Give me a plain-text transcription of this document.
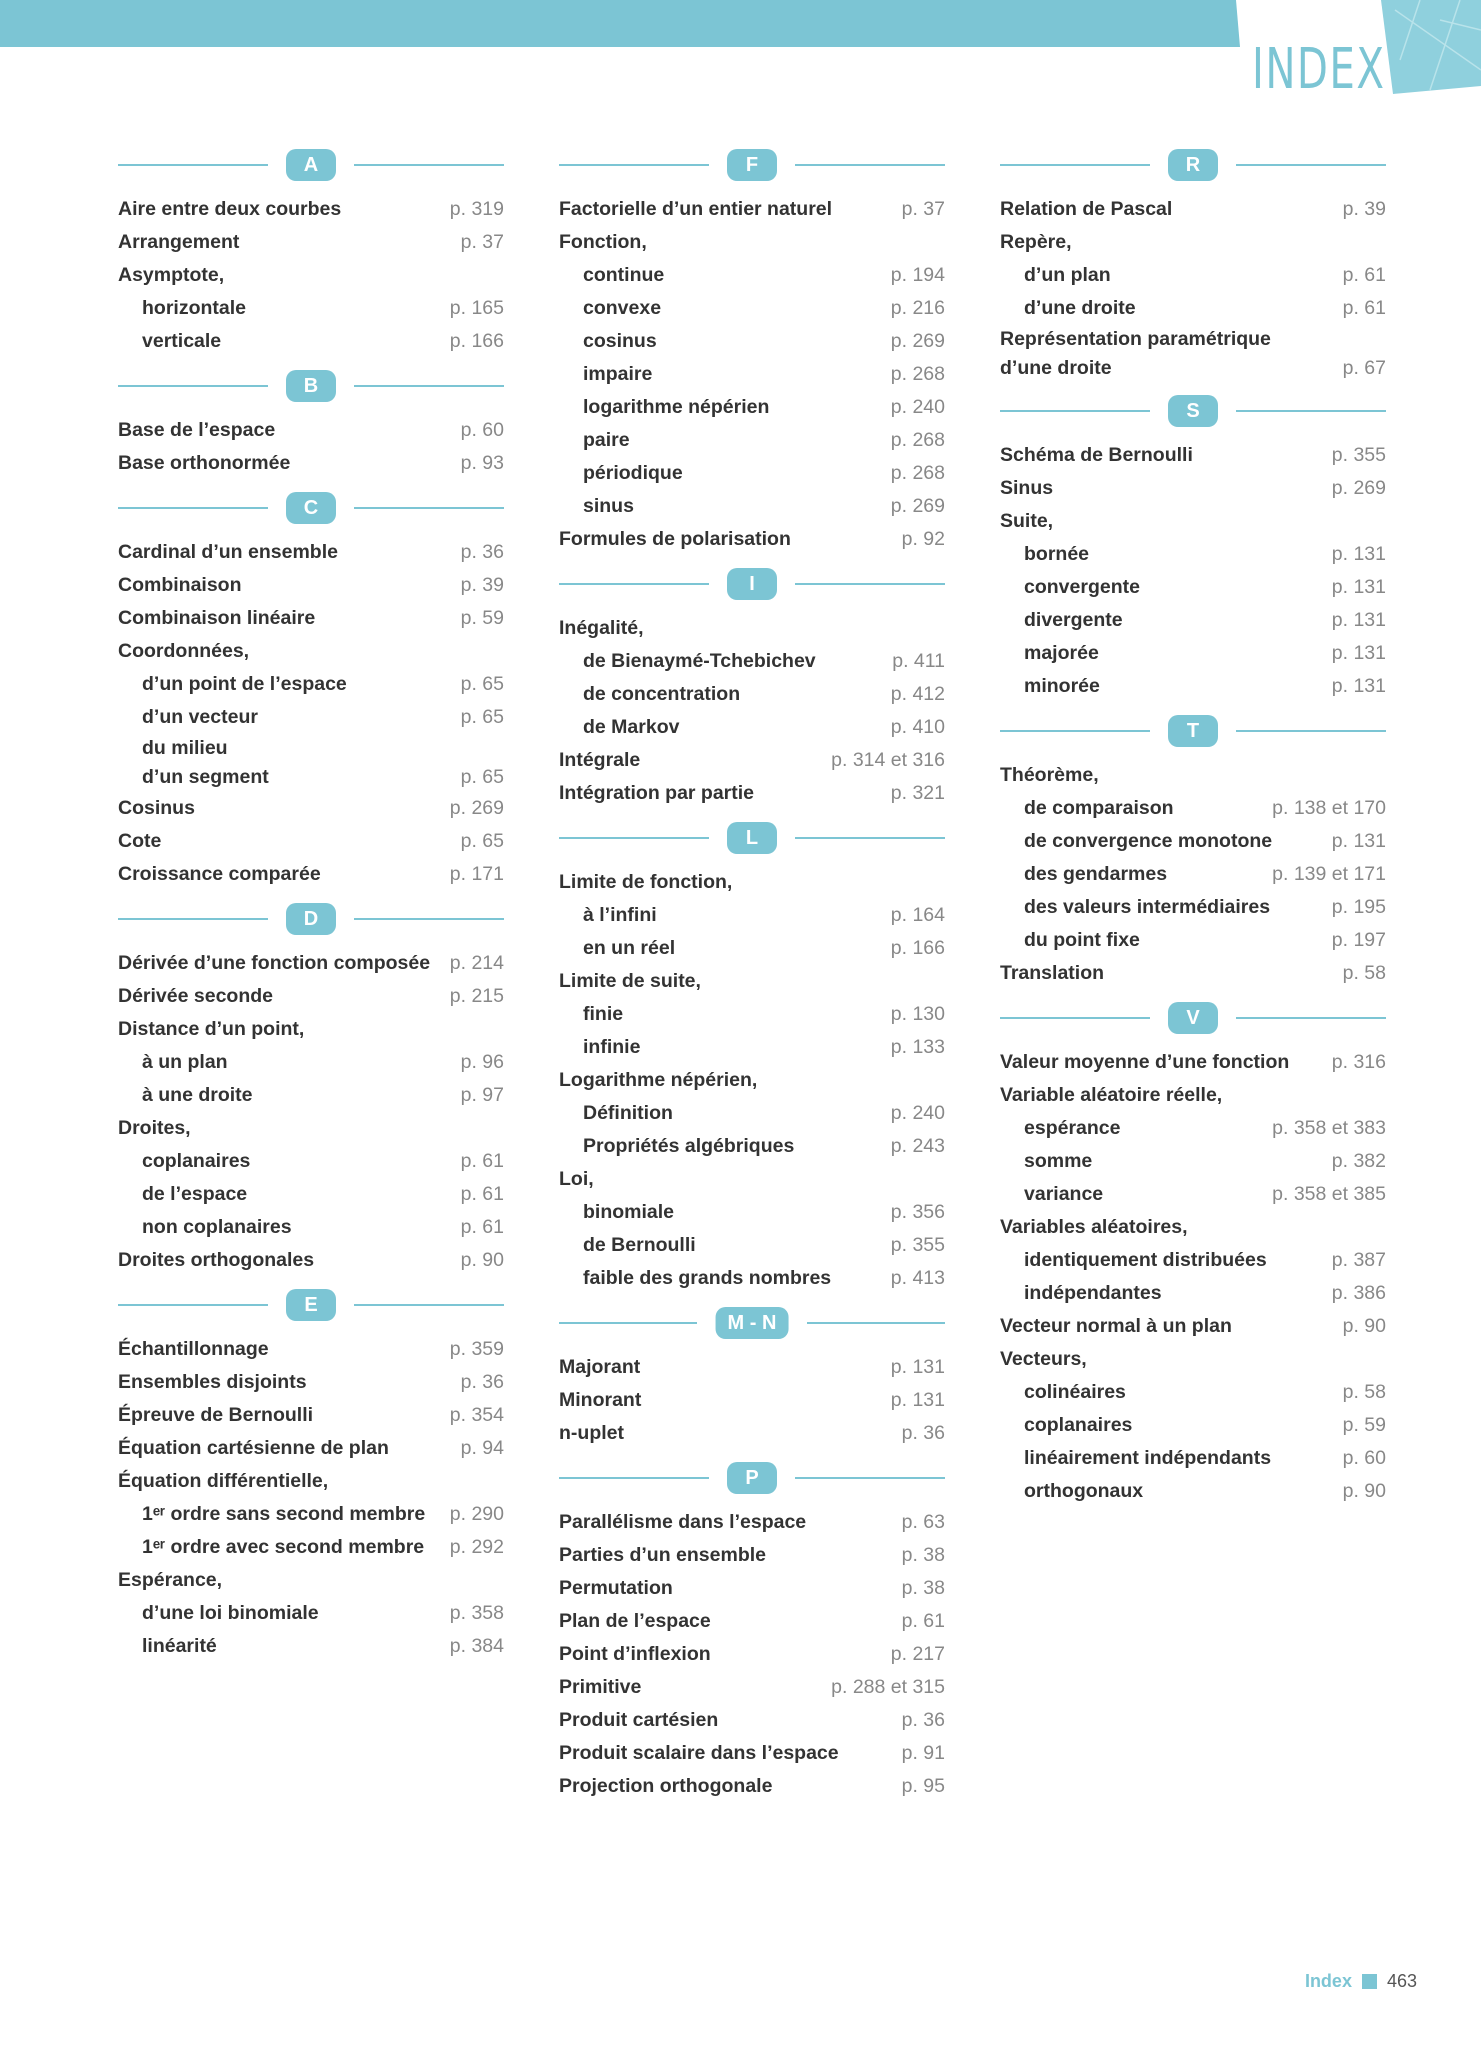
INDEX
A
Aire entre deux courbes	p. 319
Arrangement	p. 37
Asymptote,
horizontale	p. 165
verticale	p. 166
B
Base de l’espace	p. 60
Base orthonormée	p. 93
C
Cardinal d’un ensemble	p. 36
Combinaison	p. 39
Combinaison linéaire	p. 59
Coordonnées,
d’un point de l’espace	p. 65
d’un vecteur	p. 65
du milieu
d’un segment	p. 65
Cosinus	p. 269
Cote	p. 65
Croissance comparée	p. 171
D
Dérivée d’une fonction composée p. 214
Dérivée seconde	p. 215
Distance d’un point,
à un plan	p. 96
à une droite	p. 97
Droites,
coplanaires	p. 61
de l’espace	p. 61
non coplanaires	p. 61
Droites orthogonales	p. 90
E
Échantillonnage	p. 359
Ensembles disjoints	p. 36
Épreuve de Bernoulli	p. 354
Équation cartésienne de plan	p. 94
Équation différentielle,
1ᵉʳ ordre sans second membre p. 290
1ᵉʳ ordre avec second membre p. 292
Espérance,
d’une loi binomiale	p. 358
linéarité	p. 384
F
Factorielle d’un entier naturel	p. 37
Fonction,
continue	p. 194
convexe	p. 216
cosinus	p. 269
impaire	p. 268
logarithme népérien	p. 240
paire	p. 268
périodique	p. 268
sinus	p. 269
Formules de polarisation	p. 92
I
Inégalité,
de Bienaymé-Tchebichev	p. 411
de concentration	p. 412
de Markov	p. 410
Intégrale	p. 314 et 316
Intégration par partie	p. 321
L
Limite de fonction,
à l’infini	p. 164
en un réel	p. 166
Limite de suite,
finie	p. 130
infinie	p. 133
Logarithme népérien,
Définition	p. 240
Propriétés algébriques	p. 243
Loi,
binomiale	p. 356
de Bernoulli	p. 355
faible des grands nombres	p. 413
M - N
Majorant	p. 131
Minorant	p. 131
n-uplet	p. 36
P
Parallélisme dans l’espace	p. 63
Parties d’un ensemble	p. 38
Permutation	p. 38
Plan de l’espace	p. 61
Point d’inflexion	p. 217
Primitive	p. 288 et 315
Produit cartésien	p. 36
Produit scalaire dans l’espace	p. 91
Projection orthogonale	p. 95
R
Relation de Pascal	p. 39
Repère,
d’un plan	p. 61
d’une droite	p. 61
Représentation paramétrique
d’une droite	p. 67
S
Schéma de Bernoulli	p. 355
Sinus	p. 269
Suite,
bornée	p. 131
convergente	p. 131
divergente	p. 131
majorée	p. 131
minorée	p. 131
T
Théorème,
de comparaison	p. 138 et 170
de convergence monotone	p. 131
des gendarmes	p. 139 et 171
des valeurs intermédiaires	p. 195
du point fixe	p. 197
Translation	p. 58
V
Valeur moyenne d’une fonction p. 316
Variable aléatoire réelle,
espérance	p. 358 et 383
somme	p. 382
variance	p. 358 et 385
Variables aléatoires,
identiquement distribuées	p. 387
indépendantes	p. 386
Vecteur normal à un plan	p. 90
Vecteurs,
colinéaires	p. 58
coplanaires	p. 59
linéairement indépendants	p. 60
orthogonaux	p. 90
Index 463
